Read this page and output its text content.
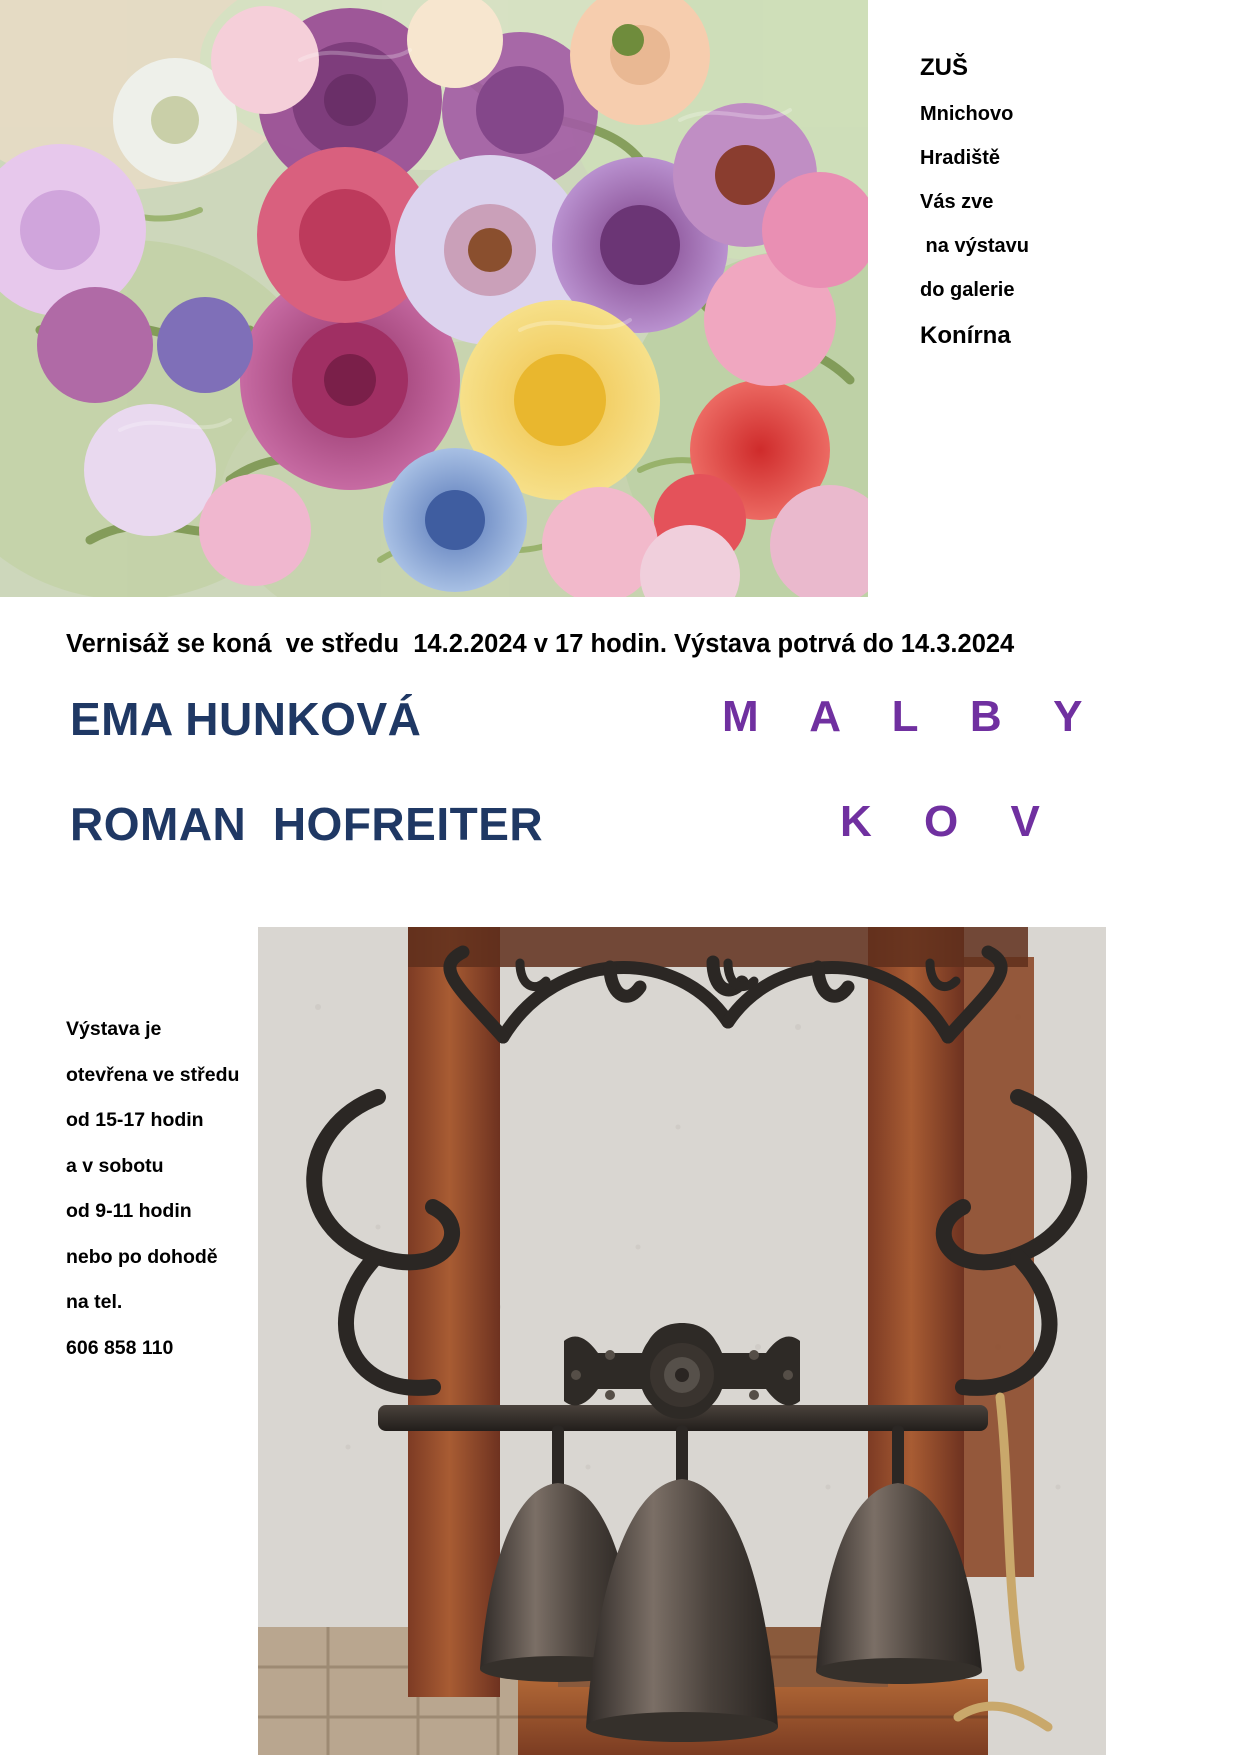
ZUŠ
Mnichovo
Hradiště
Vás zve
na výstavu
do galerie
Konírna
Vernisáž se koná  ve středu  14.2.2024 v 17 hodin. Výstava potrvá do 14.3.2024
EMA HUNKOVÁ	M A L B Y
ROMAN  HOFREITER	K O V
Výstava je
otevřena ve středu
od 15-17 hodin
a v sobotu
od 9-11 hodin
nebo po dohodě
na tel.
606 858 110
